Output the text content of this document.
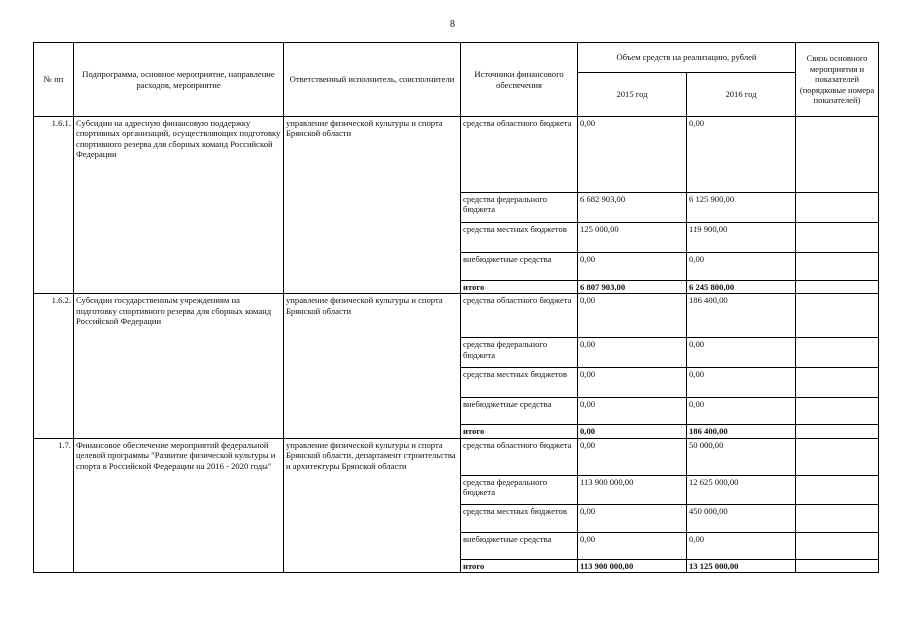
8
№ пп	Подпрограмма, основное мероприятие, направление расходов, мероприятие	Ответственный исполнитель, соисполнители	Источники финансового обеспечения	Объем средств на реализацию, рублей		Связь основного мероприятия и показателей (порядковые номера показателей)
				2015 год	2016 год	
1.6.1.	Субсидии на адресную финансовую поддержку спортивных организаций, осуществляющих подготовку спортивного резерва для сборных команд Российской Федерации	управление физической культуры и спорта Брянской области	средства областного бюджета	0,00	0,00	
			средства федерального бюджета	6 682 903,00	6 125 900,00	
			средства местных бюджетов	125 000,00	119 900,00	
			внебюджетные средства	0,00	0,00	
			итого	6 807 903,00	6 245 800,00	
1.6.2.	Субсидии государственным учреждениям на подготовку спортивного резерва для сборных команд Российской Федерации	управление физической культуры и спорта Брянской области	средства областного бюджета	0,00	186 400,00	
			средства федерального бюджета	0,00	0,00	
			средства местных бюджетов	0,00	0,00	
			внебюджетные средства	0,00	0,00	
			итого	0,00	186 400,00	
1.7.	Финансовое обеспечение мероприятий федеральной целевой программы "Развитие физической культуры и спорта в Российской Федерации на 2016 - 2020 годы"	управление физической культуры и спорта Брянской области, департамент строительства и архитектуры Брянской области	средства областного бюджета	0,00	50 000,00	
			средства федерального бюджета	113 900 000,00	12 625 000,00	
			средства местных бюджетов	0,00	450 000,00	
			внебюджетные средства	0,00	0,00	
			итого	113 900 000,00	13 125 000,00	
